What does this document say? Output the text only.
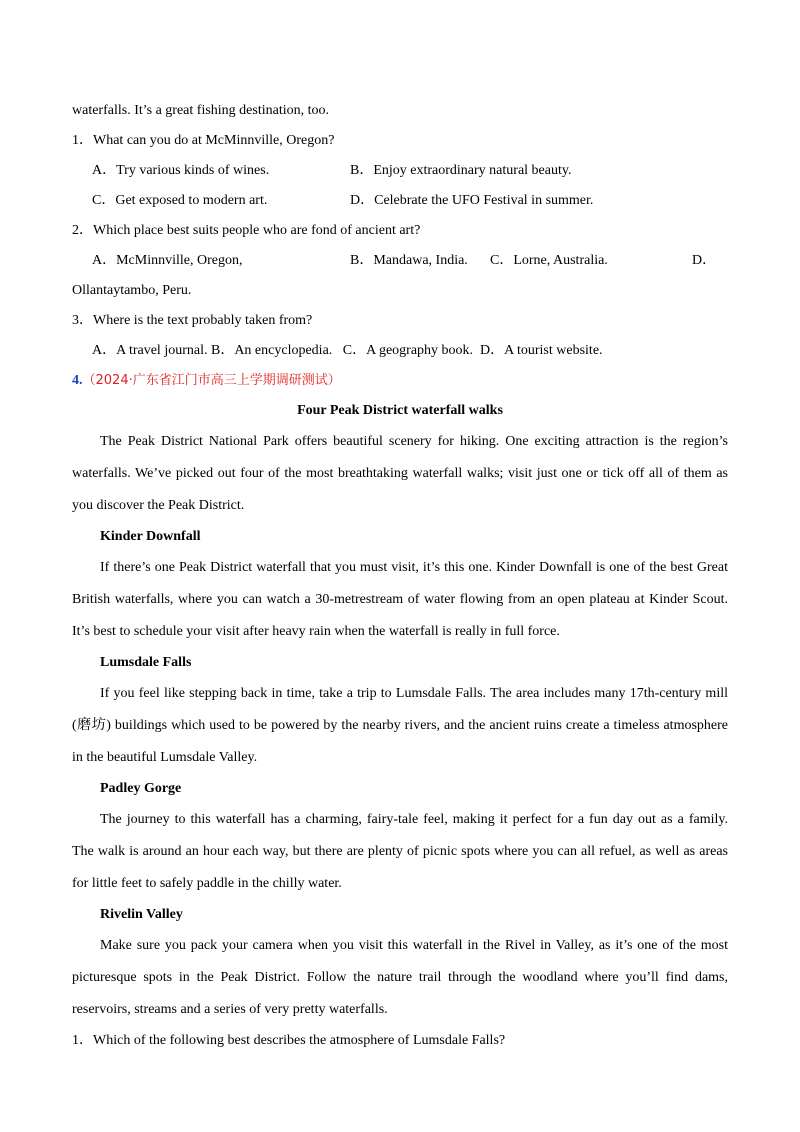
waterfalls. It’s a great fishing destination, too.
1．What can you do at McMinnville, Oregon?
A．Try various kinds of wines.	B．Enjoy extraordinary natural beauty.
C．Get exposed to modern art.	D．Celebrate the UFO Festival in summer.
2．Which place best suits people who are fond of ancient art?
A．McMinnville, Oregon,	B．Mandawa, India. C．Lorne, Australia.	D．
Ollantaytambo, Peru.
3．Where is the text probably taken from?
A．A travel journal. B．An encyclopedia. C．A geography book. D．A tourist website.
4.（2024·广东省江门市高三上学期调研测试）
Four Peak District waterfall walks
The Peak District National Park offers beautiful scenery for hiking. One exciting attraction is the region’s
waterfalls. We’ve picked out four of the most breathtaking waterfall walks; visit just one or tick off all of them as
you discover the Peak District.
Kinder Downfall
If there’s one Peak District waterfall that you must visit, it’s this one. Kinder Downfall is one of the best Great
British waterfalls, where you can watch a 30-metrestream of water flowing from an open plateau at Kinder Scout.
It’s best to schedule your visit after heavy rain when the waterfall is really in full force.
Lumsdale Falls
If you feel like stepping back in time, take a trip to Lumsdale Falls. The area includes many 17th-century mill
(磨坊) buildings which used to be powered by the nearby rivers, and the ancient ruins create a timeless atmosphere
in the beautiful Lumsdale Valley.
Padley Gorge
The journey to this waterfall has a charming, fairy-tale feel, making it perfect for a fun day out as a family.
The walk is around an hour each way, but there are plenty of picnic spots where you can all refuel, as well as areas
for little feet to safely paddle in the chilly water.
Rivelin Valley
Make sure you pack your camera when you visit this waterfall in the Rivel in Valley, as it’s one of the most
picturesque spots in the Peak District. Follow the nature trail through the woodland where you’ll find dams,
reservoirs, streams and a series of very pretty waterfalls.
1．Which of the following best describes the atmosphere of Lumsdale Falls?
